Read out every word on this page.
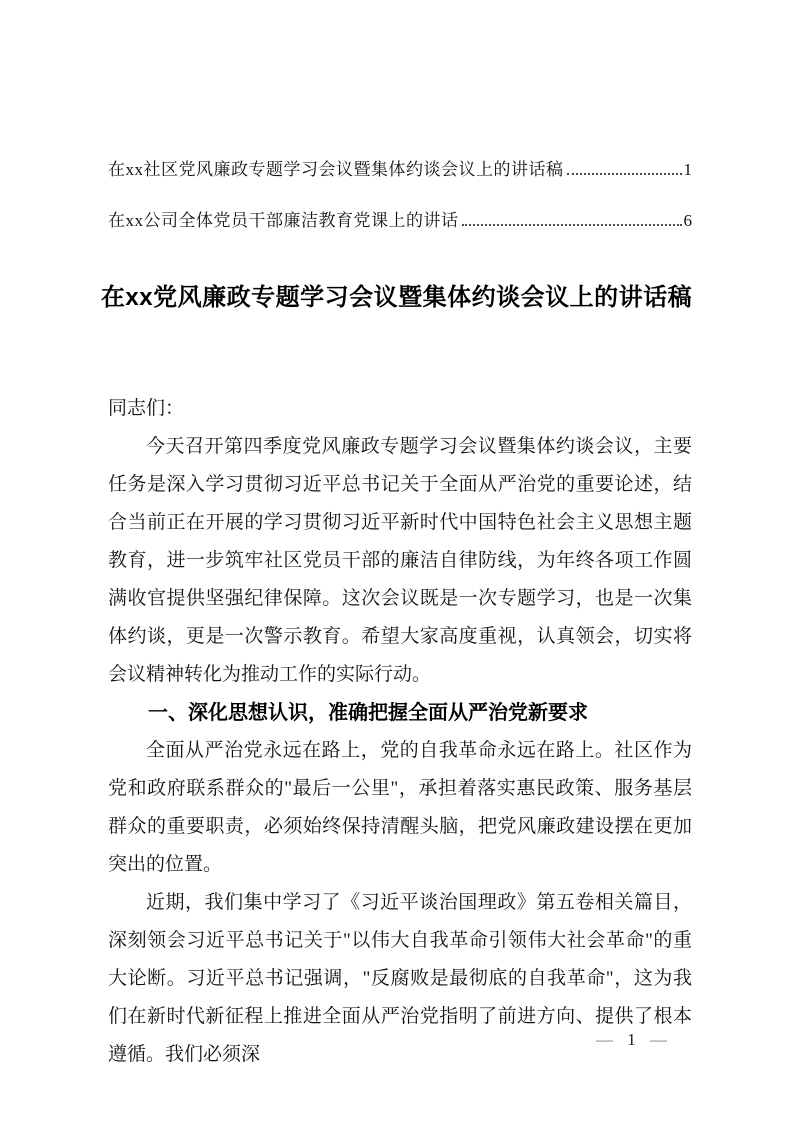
在xx社区党风廉政专题学习会议暨集体约谈会议上的讲话稿	1
在xx公司全体党员干部廉洁教育党课上的讲话	6
在xx党风廉政专题学习会议暨集体约谈会议上的讲话稿

同志们：

今天召开第四季度党风廉政专题学习会议暨集体约谈会议，主要任务是深入学习贯彻习近平总书记关于全面从严治党的重要论述，结合当前正在开展的学习贯彻习近平新时代中国特色社会主义思想主题教育，进一步筑牢社区党员干部的廉洁自律防线，为年终各项工作圆满收官提供坚强纪律保障。这次会议既是一次专题学习，也是一次集体约谈，更是一次警示教育。希望大家高度重视，认真领会，切实将会议精神转化为推动工作的实际行动。

一、深化思想认识，准确把握全面从严治党新要求

全面从严治党永远在路上，党的自我革命永远在路上。社区作为党和政府联系群众的"最后一公里"，承担着落实惠民政策、服务基层群众的重要职责，必须始终保持清醒头脑，把党风廉政建设摆在更加突出的位置。

近期，我们集中学习了《习近平谈治国理政》第五卷相关篇目，深刻领会习近平总书记关于"以伟大自我革命引领伟大社会革命"的重大论断。习近平总书记强调，"反腐败是最彻底的自我革命"，这为我们在新时代新征程上推进全面从严治党指明了前进方向、提供了根本遵循。我们必须深

— 1 —
